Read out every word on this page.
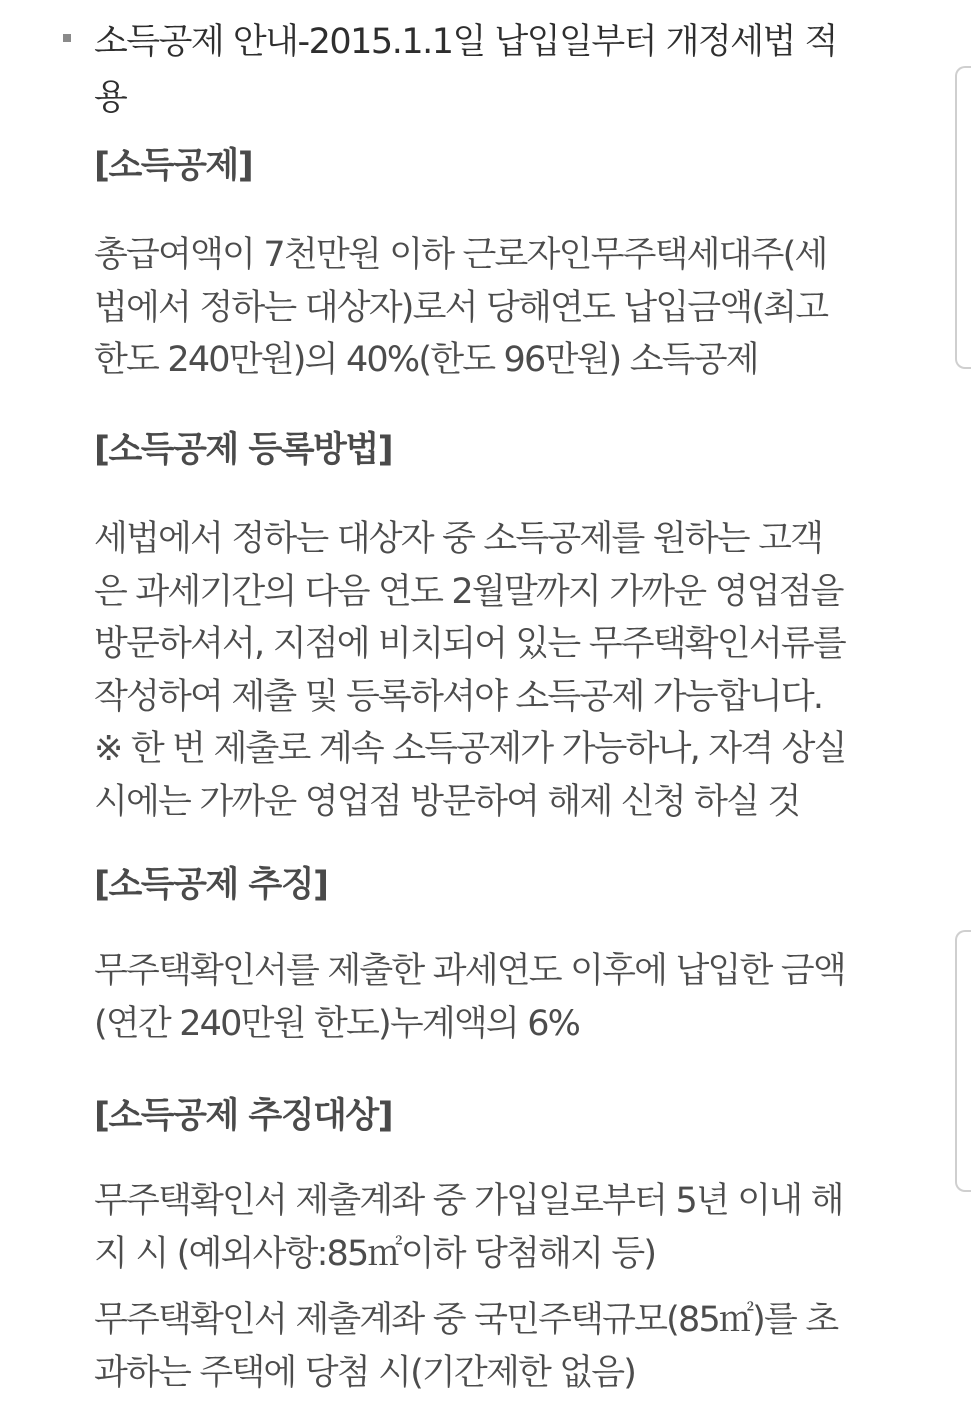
소득공제 안내-2015.1.1일 납입일부터 개정세법 적
용
[소득공제]
총급여액이 7천만원 이하 근로자인무주택세대주(세
법에서 정하는 대상자)로서 당해연도 납입금액(최고
한도 240만원)의 40%(한도 96만원) 소득공제
[소득공제 등록방법]
세법에서 정하는 대상자 중 소득공제를 원하는 고객
은 과세기간의 다음 연도 2월말까지 가까운 영업점을
방문하셔서, 지점에 비치되어 있는 무주택확인서류를
작성하여 제출 및 등록하셔야 소득공제 가능합니다.
※ 한 번 제출로 계속 소득공제가 가능하나, 자격 상실
시에는 가까운 영업점 방문하여 해제 신청 하실 것
[소득공제 추징]
무주택확인서를 제출한 과세연도 이후에 납입한 금액
(연간 240만원 한도)누계액의 6%
[소득공제 추징대상]
무주택확인서 제출계좌 중 가입일로부터 5년 이내 해
지 시 (예외사항:85㎡이하 당첨해지 등)
무주택확인서 제출계좌 중 국민주택규모(85㎡)를 초
과하는 주택에 당첨 시(기간제한 없음)
